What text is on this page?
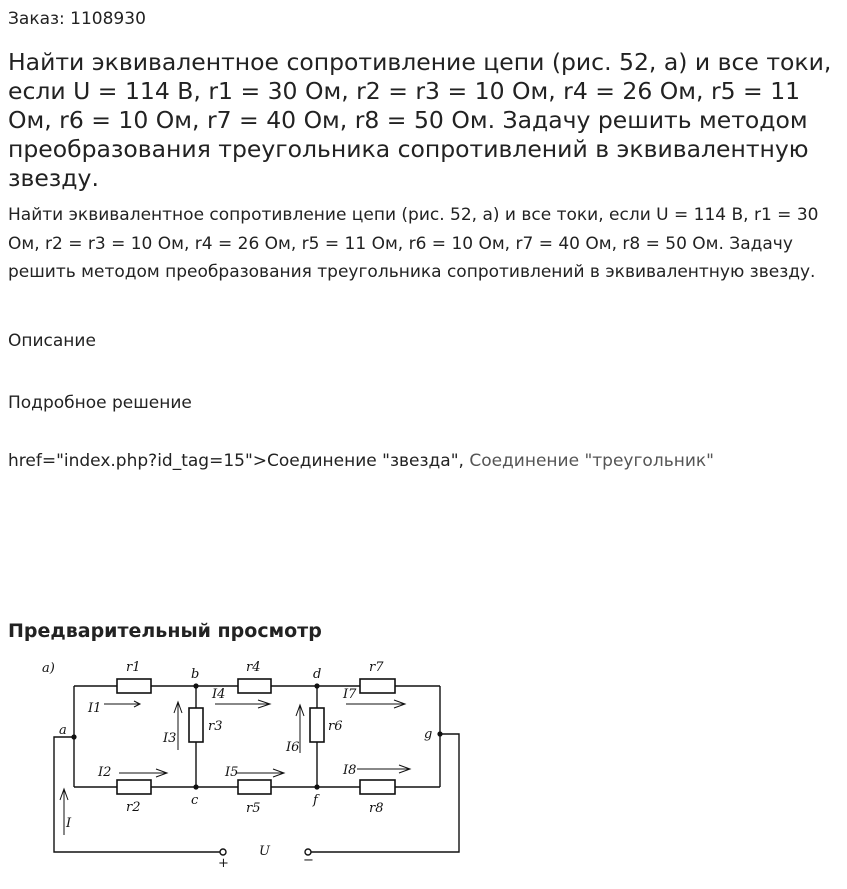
Заказ: 1108930
Найти эквивалентное сопротивление цепи (рис. 52, а) и все токи, если U = 114 В, r1 = 30 Ом, r2 = r3 = 10 Ом, r4 = 26 Ом, r5 = 11 Ом, r6 = 10 Ом, r7 = 40 Ом, r8 = 50 Ом. Задачу решить методом преобразования треугольника сопротивлений в эквивалентную звезду.

Найти эквивалентное сопротивление цепи (рис. 52, а) и все токи, если U = 114 В, r1 = 30 Ом, r2 = r3 = 10 Ом, r4 = 26 Ом, r5 = 11 Ом, r6 = 10 Ом, r7 = 40 Ом, r8 = 50 Ом. Задачу решить методом преобразования треугольника сопротивлений в эквивалентную звезду.

Описание
Подробное решение
href="index.php?id_tag=15">Соединение "звезда", Соединение "треугольник"
Предварительный просмотр
a)
a
b
c
d
f
g
r1
r2
r3
r4
r5
r6
r7
r8
I1
I4	I7
I2	I5	I8
I3
I6
I
U
+	−
